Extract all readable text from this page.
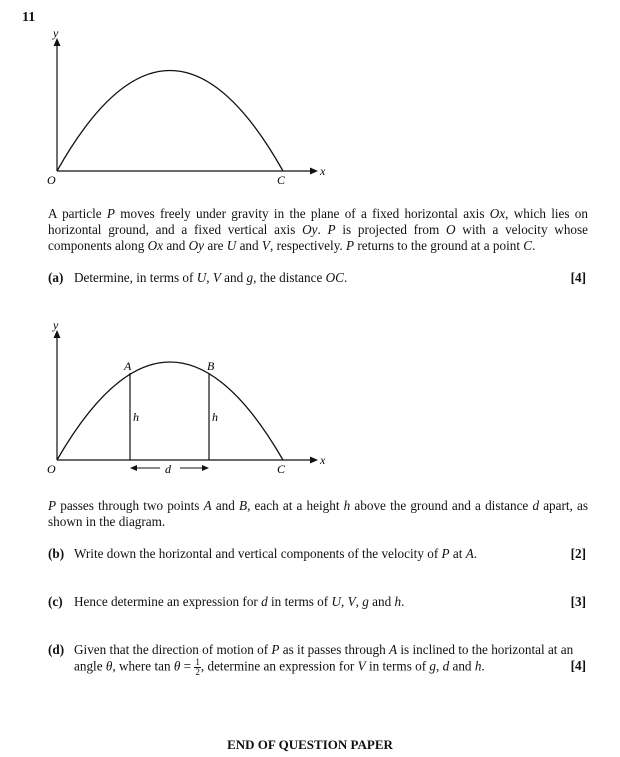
11
y
x
O	C
A particle P moves freely under gravity in the plane of a fixed horizontal axis Ox, which lies on horizontal ground, and a fixed vertical axis Oy. P is projected from O with a velocity whose components along Ox and Oy are U and V, respectively. P returns to the ground at a point C.
(a) Determine, in terms of U, V and g, the distance OC.	[4]
y
x
O	C
A	B
h	h
d
P passes through two points A and B, each at a height h above the ground and a distance d apart, as shown in the diagram.
(b) Write down the horizontal and vertical components of the velocity of P at A.	[2]
(c) Hence determine an expression for d in terms of U, V, g and h.	[3]
(d) Given that the direction of motion of P as it passes through A is inclined to the horizontal at an angle θ, where $\tan \theta = \frac{1}{2}$ , determine an expression for V in terms of g, d and h.	[4]
END OF QUESTION PAPER
